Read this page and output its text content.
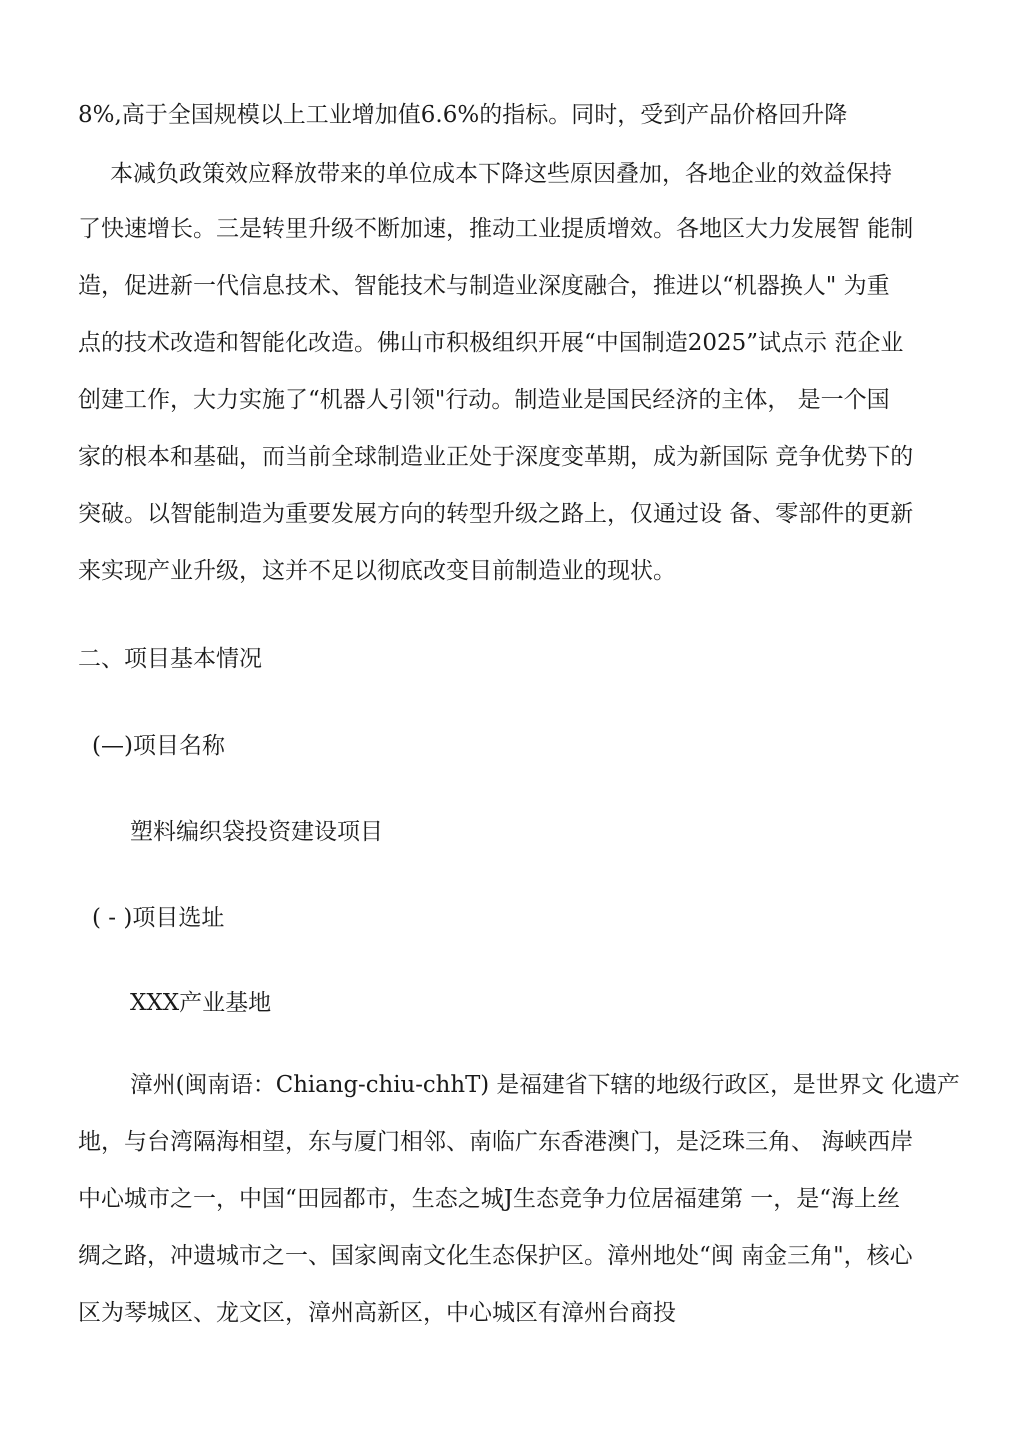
8%,高于全国规模以上工业增加值6.6%的指标。同时，受到产品价格回升降
本减负政策效应释放带来的单位成本下降这些原因叠加，各地企业的效益保持
了快速增长。三是转里升级不断加速，推动工业提质增效。各地区大力发展智 能制
造，促进新一代信息技术、智能技术与制造业深度融合，推进以“机器换人" 为重
点的技术改造和智能化改造。佛山市积极组织开展“中国制造2025”试点示 范企业
创建工作，大力实施了“机器人引领"行动。制造业是国民经济的主体， 是一个国
家的根本和基础，而当前全球制造业正处于深度变革期，成为新国际 竞争优势下的
突破。以智能制造为重要发展方向的转型升级之路上，仅通过设 备、零部件的更新
来实现产业升级，这并不足以彻底改变目前制造业的现状。
二、项目基本情况
(—)项目名称
塑料编织袋投资建设项目
( - )项目选址
XXX产业基地
漳州(闽南语：Chiang-chiu-chhT) 是福建省下辖的地级行政区，是世界文 化遗产
地，与台湾隔海相望，东与厦门相邻、南临广东香港澳门，是泛珠三角、 海峡西岸
中心城市之一，中国“田园都市，生态之城J生态竞争力位居福建第 一，是“海上丝
绸之路，冲遗城市之一、国家闽南文化生态保护区。漳州地处“闽 南金三角"，核心
区为琴城区、龙文区，漳州高新区，中心城区有漳州台商投
